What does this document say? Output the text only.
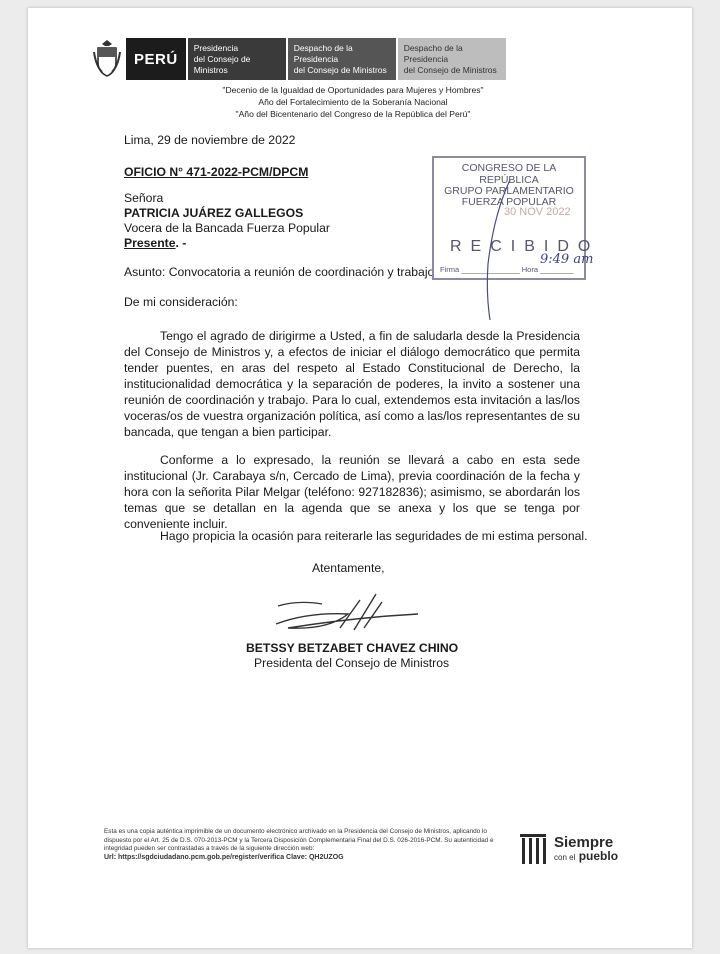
PERÚ
Presidencia
del Consejo de Ministros
Despacho de la Presidencia
del Consejo de Ministros
Despacho de la Presidencia
del Consejo de Ministros
"Decenio de la Igualdad de Oportunidades para Mujeres y Hombres"
Año del Fortalecimiento de la Soberanía Nacional
"Año del Bicentenario del Congreso de la República del Perú"
Lima, 29 de noviembre de 2022
OFICIO N° 471-2022-PCM/DPCM
Señora
PATRICIA JUÁREZ GALLEGOS
Vocera de la Bancada Fuerza Popular
Presente. -
Asunto: Convocatoria a reunión de coordinación y trabajo
De mi consideración:
Tengo el agrado de dirigirme a Usted, a fin de saludarla desde la Presidencia del Consejo de Ministros y, a efectos de iniciar el diálogo democrático que permita tender puentes, en aras del respeto al Estado Constitucional de Derecho, la institucionalidad democrática y la separación de poderes, la invito a sostener una reunión de coordinación y trabajo. Para lo cual, extendemos esta invitación a las/los voceras/os de vuestra organización política, así como a las/los representantes de su bancada, que tengan a bien participar.
Conforme a lo expresado, la reunión se llevará a cabo en esta sede institucional (Jr. Carabaya s/n, Cercado de Lima), previa coordinación de la fecha y hora con la señorita Pilar Melgar (teléfono: 927182836); asimismo, se abordarán los temas que se detallan en la agenda que se anexa y los que se tenga por conveniente incluir.
Hago propicia la ocasión para reiterarle las seguridades de mi estima personal.
Atentamente,
BETSSY BETZABET CHAVEZ CHINO
Presidenta del Consejo de Ministros
CONGRESO DE LA REPÚBLICA
GRUPO PARLAMENTARIO
FUERZA POPULAR
30 NOV 2022
RECIBIDO
Firma ______________ Hora ________
9:49 am
Esta es una copia auténtica imprimible de un documento electrónico archivado en la Presidencia del Consejo de Ministros, aplicando lo dispuesto por el Art. 25 de D.S. 070-2013-PCM y la Tercera Disposición Complementaria Final del D.S. 026-2016-PCM. Su autenticidad e integridad pueden ser contrastadas a través de la siguiente dirección web:
Url: https://sgdciudadano.pcm.gob.pe/register/verifica Clave: QH2UZOG
Siempre
con el pueblo
